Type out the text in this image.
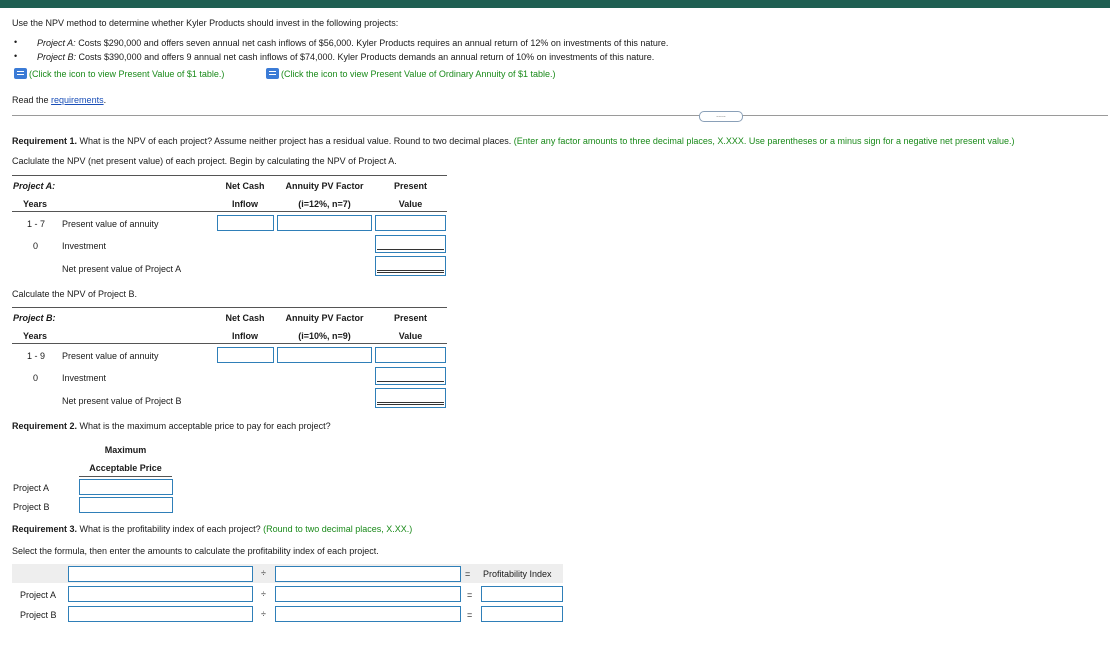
Use the NPV method to determine whether Kyler Products should invest in the following projects:
• Project A: Costs $290,000 and offers seven annual net cash inflows of $56,000. Kyler Products requires an annual return of 12% on investments of this nature.
• Project B: Costs $390,000 and offers 9 annual net cash inflows of $74,000. Kyler Products demands an annual return of 10% on investments of this nature.
(Click the icon to view Present Value of $1 table.)	(Click the icon to view Present Value of Ordinary Annuity of $1 table.)
Read the requirements.
.....
Requirement 1. What is the NPV of each project? Assume neither project has a residual value. Round to two decimal places. (Enter any factor amounts to three decimal places, X.XXX. Use parentheses or a minus sign for a negative net present value.)
Caclulate the NPV (net present value) of each project. Begin by calculating the NPV of Project A.
Project A:	Net Cash	Annuity PV Factor	Present
Years	Inflow	(i=12%, n=7)	Value
1 - 7 Present value of annuity
0	Investment
Net present value of Project A
Calculate the NPV of Project B.
Project B:	Net Cash	Annuity PV Factor	Present
Years	Inflow	(i=10%, n=9)	Value
1 - 9 Present value of annuity
0	Investment
Net present value of Project B
Requirement 2. What is the maximum acceptable price to pay for each project?
Maximum
Acceptable Price
Project A
Project B
Requirement 3. What is the profitability index of each project? (Round to two decimal places, X.XX.)
Select the formula, then enter the amounts to calculate the profitability index of each project.
÷	= Profitability Index
Project A	÷	=
Project B	÷	=
